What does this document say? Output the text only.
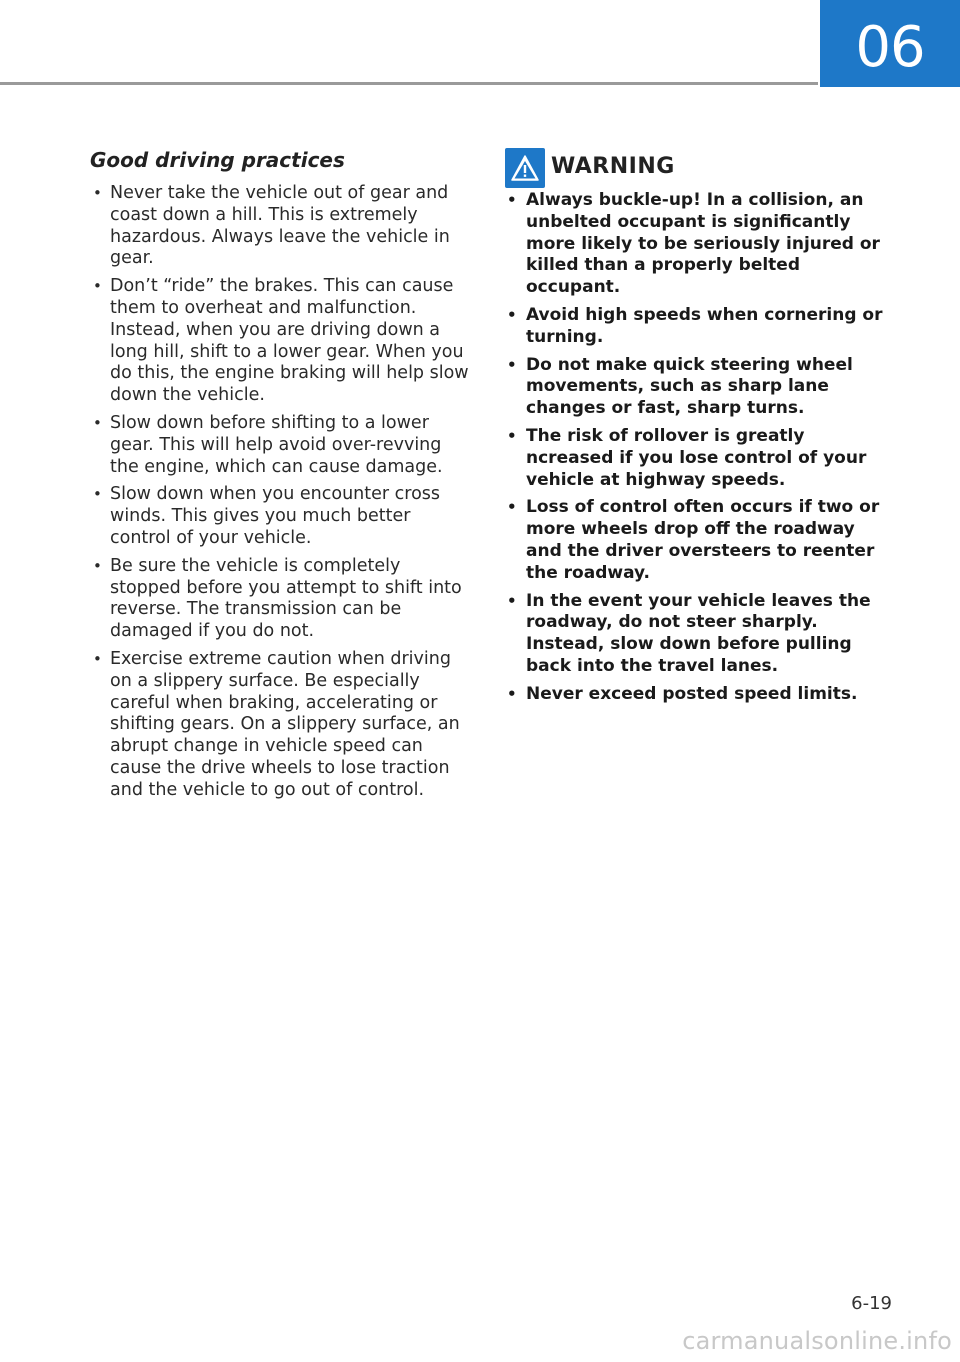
06
Good driving practices
• Never take the vehicle out of gear and coast down a hill. This is extremely hazardous. Always leave the vehicle in gear.
• Don’t “ride” the brakes. This can cause them to overheat and malfunction. Instead, when you are driving down a long hill, shift to a lower gear. When you do this, the engine braking will help slow down the vehicle.
• Slow down before shifting to a lower gear. This will help avoid over-revving the engine, which can cause damage.
• Slow down when you encounter cross winds. This gives you much better control of your vehicle.
• Be sure the vehicle is completely stopped before you attempt to shift into reverse. The transmission can be damaged if you do not.
• Exercise extreme caution when driving on a slippery surface. Be especially careful when braking, accelerating or shifting gears. On a slippery surface, an abrupt change in vehicle speed can cause the drive wheels to lose traction and the vehicle to go out of control.
WARNING
• Always buckle-up! In a collision, an unbelted occupant is significantly more likely to be seriously injured or killed than a properly belted occupant.
• Avoid high speeds when cornering or turning.
• Do not make quick steering wheel movements, such as sharp lane changes or fast, sharp turns.
• The risk of rollover is greatly ncreased if you lose control of your vehicle at highway speeds.
• Loss of control often occurs if two or more wheels drop off the roadway and the driver oversteers to reenter the roadway.
• In the event your vehicle leaves the roadway, do not steer sharply. Instead, slow down before pulling back into the travel lanes.
• Never exceed posted speed limits.
6-19
carmanualsonline.info
